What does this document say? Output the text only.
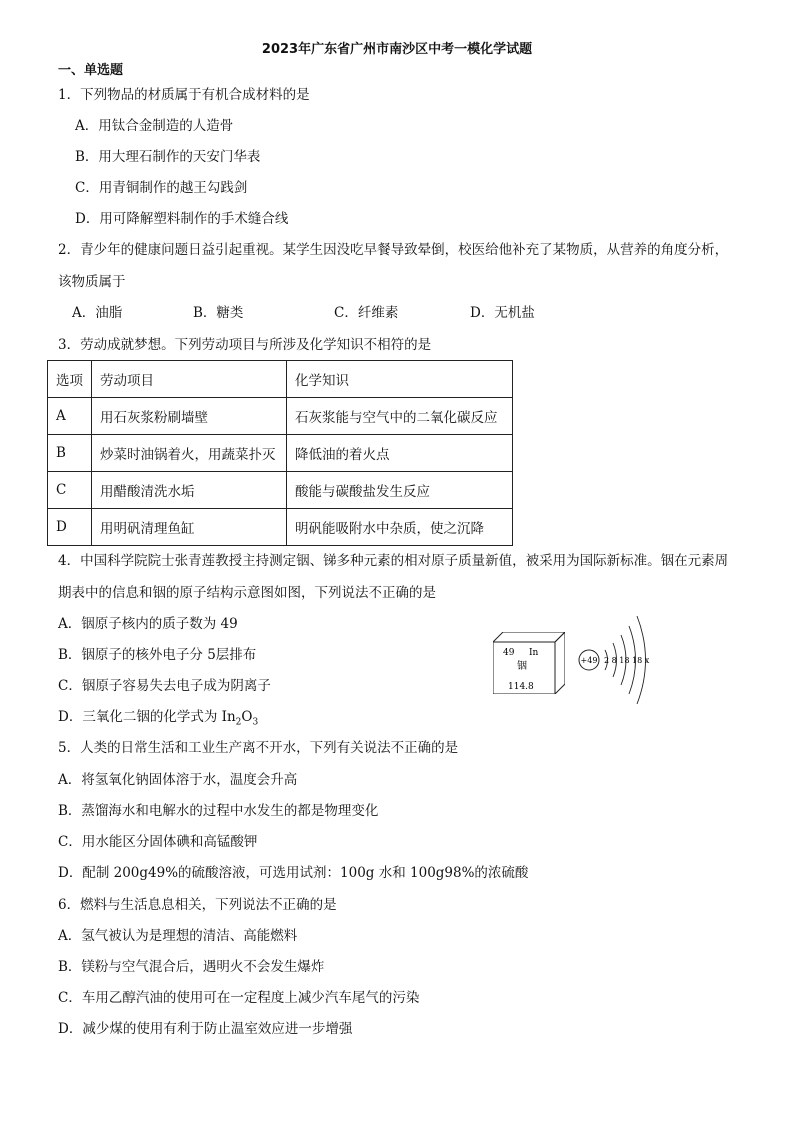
2023年广东省广州市南沙区中考一模化学试题
一、单选题
1．下列物品的材质属于有机合成材料的是
A．用钛合金制造的人造骨
B．用大理石制作的天安门华表
C．用青铜制作的越王勾践剑
D．用可降解塑料制作的手术缝合线
2．青少年的健康问题日益引起重视。某学生因没吃早餐导致晕倒，校医给他补充了某物质，从营养的角度分析，
该物质属于
A．油脂	B．糖类	C．纤维素	D．无机盐
3．劳动成就梦想。下列劳动项目与所涉及化学知识不相符的是
选项	劳动项目	化学知识
A	用石灰浆粉刷墙壁	石灰浆能与空气中的二氧化碳反应
B	炒菜时油锅着火，用蔬菜扑灭	降低油的着火点
C	用醋酸清洗水垢	酸能与碳酸盐发生反应
D	用明矾清理鱼缸	明矾能吸附水中杂质，使之沉降
4．中国科学院院士张青莲教授主持测定铟、锑多种元素的相对原子质量新值，被采用为国际新标准。铟在元素周
期表中的信息和铟的原子结构示意图如图，下列说法不正确的是
A．铟原子核内的质子数为 49
B．铟原子的核外电子分 5层排布
C．铟原子容易失去电子成为阴离子
D．三氧化二铟的化学式为 $In_2O_3$
49 In
铟
114.8
+49 2 8 18 18 x
5．人类的日常生活和工业生产离不开水，下列有关说法不正确的是
A．将氢氧化钠固体溶于水，温度会升高
B．蒸馏海水和电解水的过程中水发生的都是物理变化
C．用水能区分固体碘和高锰酸钾
D．配制 200g49%的硫酸溶液，可选用试剂：100g 水和 100g98%的浓硫酸
6．燃料与生活息息相关，下列说法不正确的是
A．氢气被认为是理想的清洁、高能燃料
B．镁粉与空气混合后，遇明火不会发生爆炸
C．车用乙醇汽油的使用可在一定程度上减少汽车尾气的污染
D．减少煤的使用有利于防止温室效应进一步增强
